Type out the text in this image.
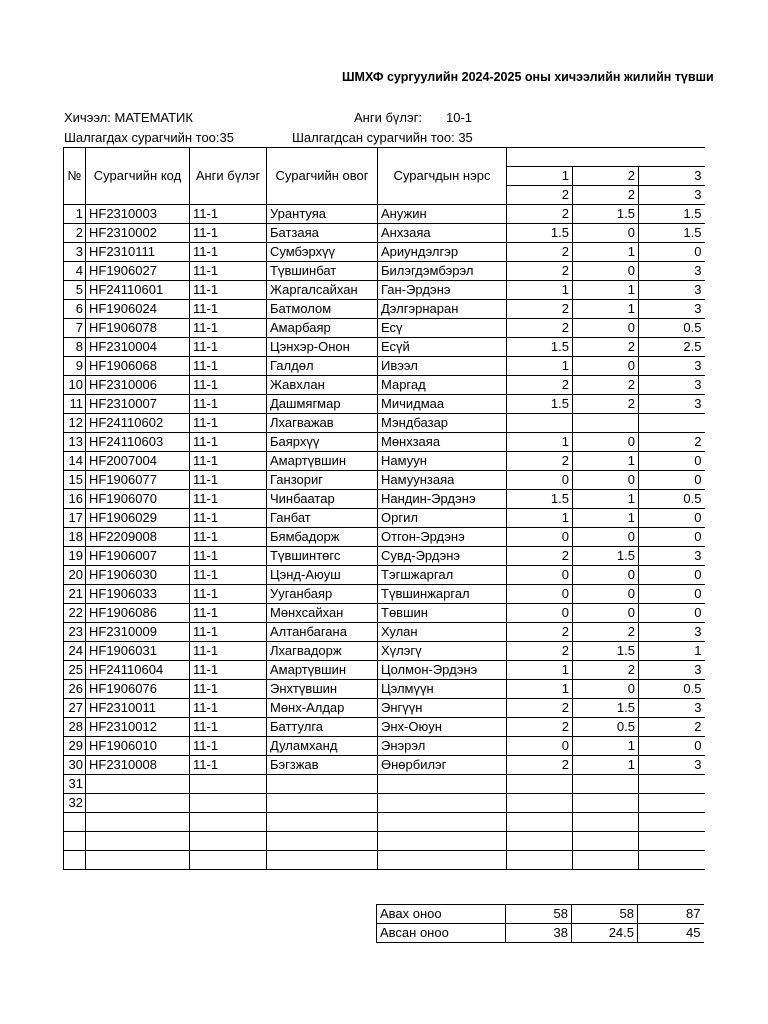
ШМХФ сургуулийн 2024-2025 оны хичээлийн жилийн түвши
Хичээл: МАТЕМАТИК	Анги бүлэг: 10-1
Шалгагдах сурагчийн тоо:35	Шалгагдсан сурагчийн тоо: 35
№	Сурагчийн код	Анги бүлэг	Сурагчийн овог	Сурагчдын нэрс			
					1	2	3
					2	2	3
1	HF2310003	11-1	Урантуяа	Анужин	2	1.5	1.5
2	HF2310002	11-1	Батзаяа	Анхзаяа	1.5	0	1.5
3	HF2310111	11-1	Сумбэрхүү	Ариундэлгэр	2	1	0
4	HF1906027	11-1	Түвшинбат	Билэгдэмбэрэл	2	0	3
5	HF24110601	11-1	Жаргалсайхан	Ган-Эрдэнэ	1	1	3
6	HF1906024	11-1	Батмолом	Дэлгэрнаран	2	1	3
7	HF1906078	11-1	Амарбаяр	Есү	2	0	0.5
8	HF2310004	11-1	Цэнхэр-Онон	Есүй	1.5	2	2.5
9	HF1906068	11-1	Галдөл	Ивээл	1	0	3
10	HF2310006	11-1	Жавхлан	Маргад	2	2	3
11	HF2310007	11-1	Дашмягмар	Мичидмаа	1.5	2	3
12	HF24110602	11-1	Лхагважав	Мэндбазар			
13	HF24110603	11-1	Баярхүү	Мөнхзаяа	1	0	2
14	HF2007004	11-1	Амартүвшин	Намуун	2	1	0
15	HF1906077	11-1	Ганзориг	Намуунзаяа	0	0	0
16	HF1906070	11-1	Чинбаатар	Нандин-Эрдэнэ	1.5	1	0.5
17	HF1906029	11-1	Ганбат	Оргил	1	1	0
18	HF2209008	11-1	Бямбадорж	Отгон-Эрдэнэ	0	0	0
19	HF1906007	11-1	Түвшинтөгс	Сувд-Эрдэнэ	2	1.5	3
20	HF1906030	11-1	Цэнд-Аюуш	Тэгшжаргал	0	0	0
21	HF1906033	11-1	Ууганбаяр	Түвшинжаргал	0	0	0
22	HF1906086	11-1	Мөнхсайхан	Төвшин	0	0	0
23	HF2310009	11-1	Алтанбагана	Хулан	2	2	3
24	HF1906031	11-1	Лхагвадорж	Хүлэгү	2	1.5	1
25	HF24110604	11-1	Амартүвшин	Цолмон-Эрдэнэ	1	2	3
26	HF1906076	11-1	Энхтүвшин	Цэлмүүн	1	0	0.5
27	HF2310011	11-1	Мөнх-Алдар	Энгүүн	2	1.5	3
28	HF2310012	11-1	Баттулга	Энх-Оюун	2	0.5	2
29	HF1906010	11-1	Дуламханд	Энэрэл	0	1	0
30	HF2310008	11-1	Бэгзжав	Өнөрбилэг	2	1	3
31							
32							

Авах оноо	58	58	87
Авсан оноо	38	24.5	45
